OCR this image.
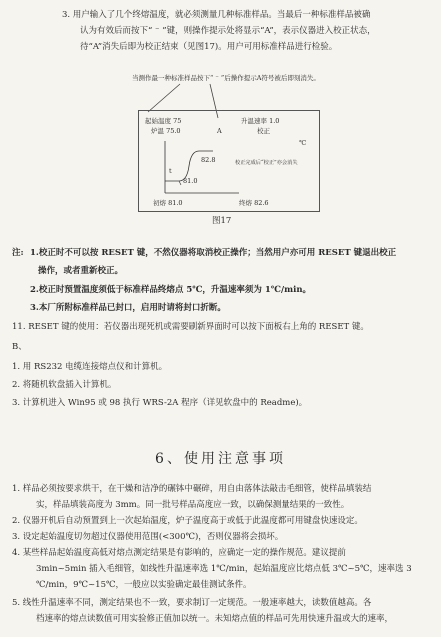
3. 用户输入了几个终熔温度，就必须测量几种标准样品。当最后一种标准样品被确
认为有效后而按下“ ⁻ ”键，则操作提示处将显示“A”，表示仪器进入校正状态，
待“A”消失后即为校正结束（见图17)。用户可用标准样品进行检验。
当测作最一种标准样品按下“ ⁻ ”后操作提示A符号被后即刻消失。
起始温度 75
炉温 75.0	A
升温速率 1.0
校正
℃
82.8
81.0
t
校正完成后“校正”亦会消失
初熔 81.0	终熔 82.6
图17
注: 1.校正时不可以按 RESET 键，不然仪器将取消校正操作；当然用户亦可用 RESET 键退出校正
操作，或者重新校正。
2.校正时预置温度须低于标准样品终熔点 5℃，升温速率须为 1℃/min。
3.本厂所附标准样品已封口，启用时请将封口折断。
11. RESET 键的使用：若仪器出现死机或需要刷新界面时可以按下面板右上角的 RESET 键。
B、
1. 用 RS232 电缆连接熔点仪和计算机。
2. 将随机软盘插入计算机。
3. 计算机进入 Win95 或 98 执行 WRS-2A 程序（详见软盘中的 Readme)。
6、使用注意事项
1. 样品必须按要求烘干，在干燥和洁净的碾钵中碾碎，用自由落体法敲击毛细管，使样品填装结
实，样品填装高度为 3mm。同一批号样品高度应一致，以确保测量结果的一致性。
2. 仪器开机后自动预置到上一次起始温度，炉子温度高于或低于此温度都可用键盘快速设定。
3. 设定起始温度切勿超过仪器使用范围(<300℃)，否则仪器将会损坏。
4. 某些样品起始温度高低对熔点测定结果是有影响的，应确定一定的操作规范。建议提前
3min~5min 插入毛细管，如线性升温速率选 1℃/min，起始温度应比熔点低 3℃~5℃，速率选 3
℃/min，9℃~15℃，一般应以实验确定最佳测试条件。
5. 线性升温速率不同，测定结果也不一致，要求制订一定规范。一般速率越大，读数值越高。各
档速率的熔点读数值可用实验修正值加以统一。未知熔点值的样品可先用快速升温或大的速率，
